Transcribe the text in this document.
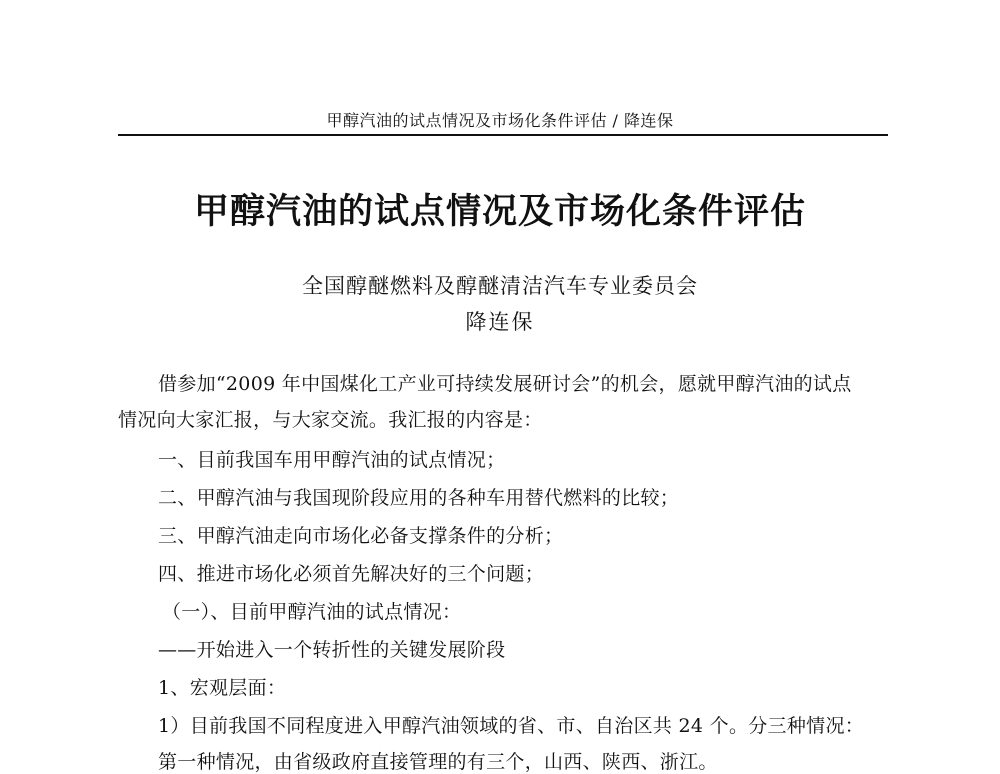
甲醇汽油的试点情况及市场化条件评估 / 降连保
甲醇汽油的试点情况及市场化条件评估
全国醇醚燃料及醇醚清洁汽车专业委员会
降连保
借参加“2009 年中国煤化工产业可持续发展研讨会”的机会，愿就甲醇汽油的试点
情况向大家汇报，与大家交流。我汇报的内容是：
一、目前我国车用甲醇汽油的试点情况；
二、甲醇汽油与我国现阶段应用的各种车用替代燃料的比较；
三、甲醇汽油走向市场化必备支撑条件的分析；
四、推进市场化必须首先解决好的三个问题；
（一）、目前甲醇汽油的试点情况：
——开始进入一个转折性的关键发展阶段
1、宏观层面：
1）目前我国不同程度进入甲醇汽油领域的省、市、自治区共 24 个。分三种情况：
第一种情况，由省级政府直接管理的有三个，山西、陕西、浙江。
